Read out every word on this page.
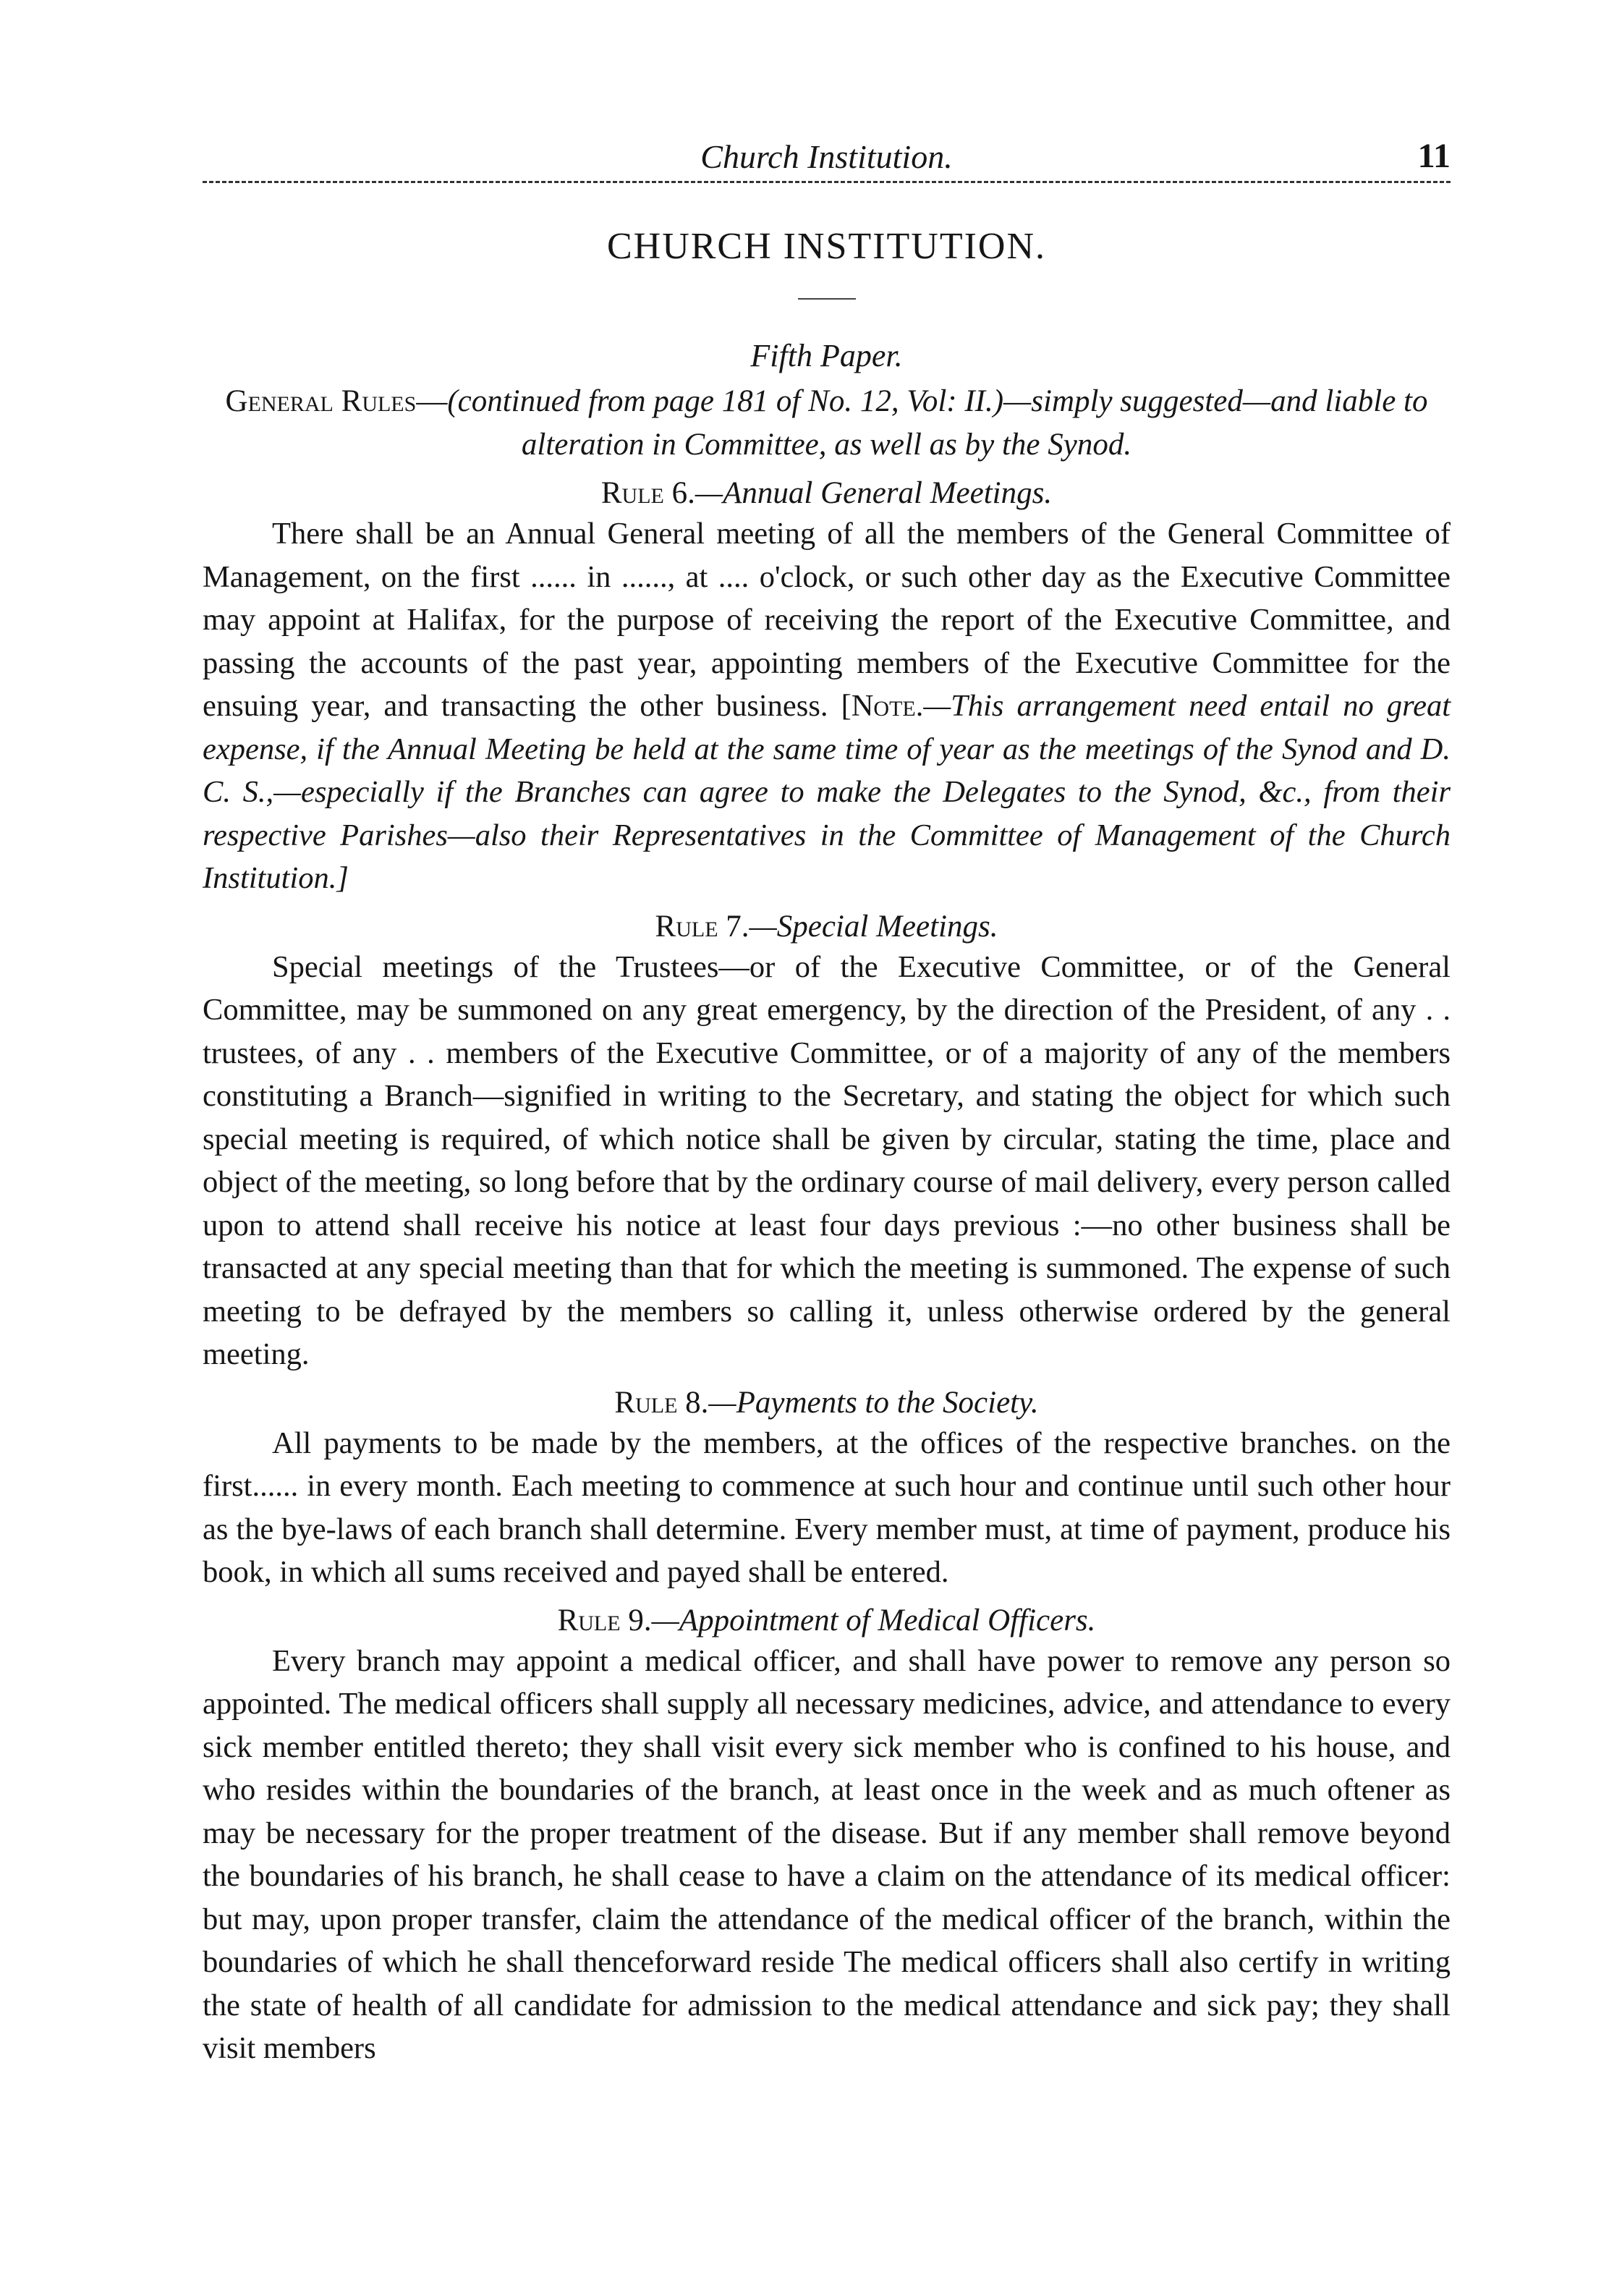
Church Institution.	11
CHURCH INSTITUTION.
Fifth Paper.
General Rules—(continued from page 181 of No. 12, Vol: II.)—simply suggested—and liable to alteration in Committee, as well as by the Synod.
Rule 6.—Annual General Meetings.

There shall be an Annual General meeting of all the members of the General Committee of Management, on the first ...... in ......, at .... o'clock, or such other day as the Executive Committee may appoint at Halifax, for the purpose of receiving the report of the Executive Committee, and passing the accounts of the past year, appointing members of the Executive Committee for the ensuing year, and transacting the other business. [Note.—This arrangement need entail no great expense, if the Annual Meeting be held at the same time of year as the meetings of the Synod and D. C. S.,—especially if the Branches can agree to make the Delegates to the Synod, &c., from their respective Parishes—also their Representatives in the Committee of Management of the Church Institution.]

Rule 7.—Special Meetings.

Special meetings of the Trustees—or of the Executive Committee, or of the General Committee, may be summoned on any great emergency, by the direction of the President, of any . . trustees, of any . . members of the Executive Committee, or of a majority of any of the members constituting a Branch—signified in writing to the Secretary, and stating the object for which such special meeting is required, of which notice shall be given by circular, stating the time, place and object of the meeting, so long before that by the ordinary course of mail delivery, every person called upon to attend shall receive his notice at least four days previous :—no other business shall be transacted at any special meeting than that for which the meeting is summoned. The expense of such meeting to be defrayed by the members so calling it, unless otherwise ordered by the general meeting.

Rule 8.—Payments to the Society.

All payments to be made by the members, at the offices of the respective branches. on the first...... in every month. Each meeting to commence at such hour and continue until such other hour as the bye-laws of each branch shall determine. Every member must, at time of payment, produce his book, in which all sums received and payed shall be entered.

Rule 9.—Appointment of Medical Officers.

Every branch may appoint a medical officer, and shall have power to remove any person so appointed. The medical officers shall supply all necessary medicines, advice, and attendance to every sick member entitled thereto; they shall visit every sick member who is confined to his house, and who resides within the boundaries of the branch, at least once in the week and as much oftener as may be necessary for the proper treatment of the disease. But if any member shall remove beyond the boundaries of his branch, he shall cease to have a claim on the attendance of its medical officer: but may, upon proper transfer, claim the attendance of the medical officer of the branch, within the boundaries of which he shall thenceforward reside The medical officers shall also certify in writing the state of health of all candidate for admission to the medical attendance and sick pay; they shall visit members
